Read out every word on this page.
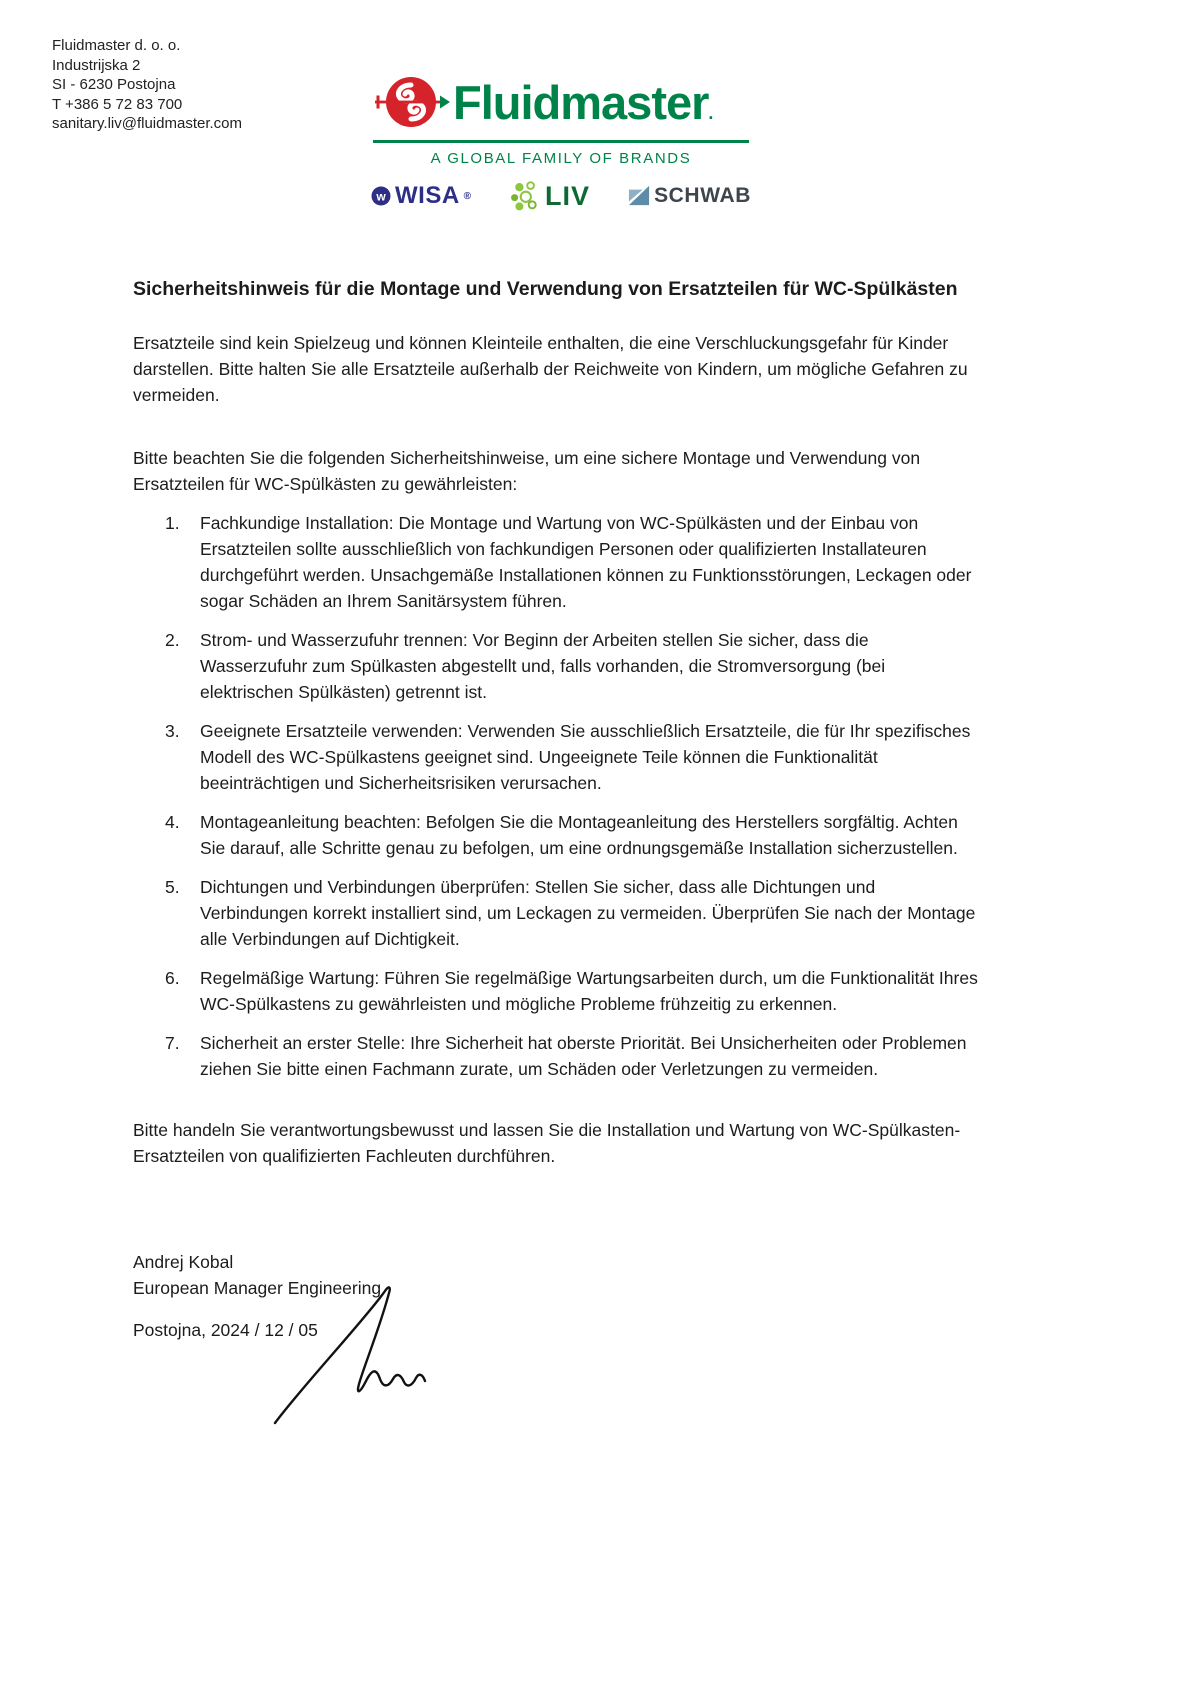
Fluidmaster d. o. o.
Industrijska 2
SI - 6230 Postojna
T +386 5 72 83 700
sanitary.liv@fluidmaster.com	Fluidmaster.
A GLOBAL FAMILY OF BRANDS
w WISA ®	LIV	SCHWAB
Sicherheitshinweis für die Montage und Verwendung von Ersatzteilen für WC-Spülkästen

Ersatzteile sind kein Spielzeug und können Kleinteile enthalten, die eine Verschluckungsgefahr für Kinder darstellen. Bitte halten Sie alle Ersatzteile außerhalb der Reichweite von Kindern, um mögliche Gefahren zu vermeiden.

Bitte beachten Sie die folgenden Sicherheitshinweise, um eine sichere Montage und Verwendung von Ersatzteilen für WC-Spülkästen zu gewährleisten:

1.	Fachkundige Installation: Die Montage und Wartung von WC-Spülkästen und der Einbau von Ersatzteilen sollte ausschließlich von fachkundigen Personen oder qualifizierten Installateuren durchgeführt werden. Unsachgemäße Installationen können zu Funktionsstörungen, Leckagen oder sogar Schäden an Ihrem Sanitärsystem führen.
2.	Strom- und Wasserzufuhr trennen: Vor Beginn der Arbeiten stellen Sie sicher, dass die Wasserzufuhr zum Spülkasten abgestellt und, falls vorhanden, die Stromversorgung (bei elektrischen Spülkästen) getrennt ist.
3.	Geeignete Ersatzteile verwenden: Verwenden Sie ausschließlich Ersatzteile, die für Ihr spezifisches Modell des WC-Spülkastens geeignet sind. Ungeeignete Teile können die Funktionalität beeinträchtigen und Sicherheitsrisiken verursachen.
4.	Montageanleitung beachten: Befolgen Sie die Montageanleitung des Herstellers sorgfältig. Achten Sie darauf, alle Schritte genau zu befolgen, um eine ordnungsgemäße Installation sicherzustellen.
5.	Dichtungen und Verbindungen überprüfen: Stellen Sie sicher, dass alle Dichtungen und Verbindungen korrekt installiert sind, um Leckagen zu vermeiden. Überprüfen Sie nach der Montage alle Verbindungen auf Dichtigkeit.
6.	Regelmäßige Wartung: Führen Sie regelmäßige Wartungsarbeiten durch, um die Funktionalität Ihres WC-Spülkastens zu gewährleisten und mögliche Probleme frühzeitig zu erkennen.
7.	Sicherheit an erster Stelle: Ihre Sicherheit hat oberste Priorität. Bei Unsicherheiten oder Problemen ziehen Sie bitte einen Fachmann zurate, um Schäden oder Verletzungen zu vermeiden.

Bitte handeln Sie verantwortungsbewusst und lassen Sie die Installation und Wartung von WC-Spülkasten-Ersatzteilen von qualifizierten Fachleuten durchführen.

Andrej Kobal
European Manager Engineering
Postojna, 2024 / 12 / 05
